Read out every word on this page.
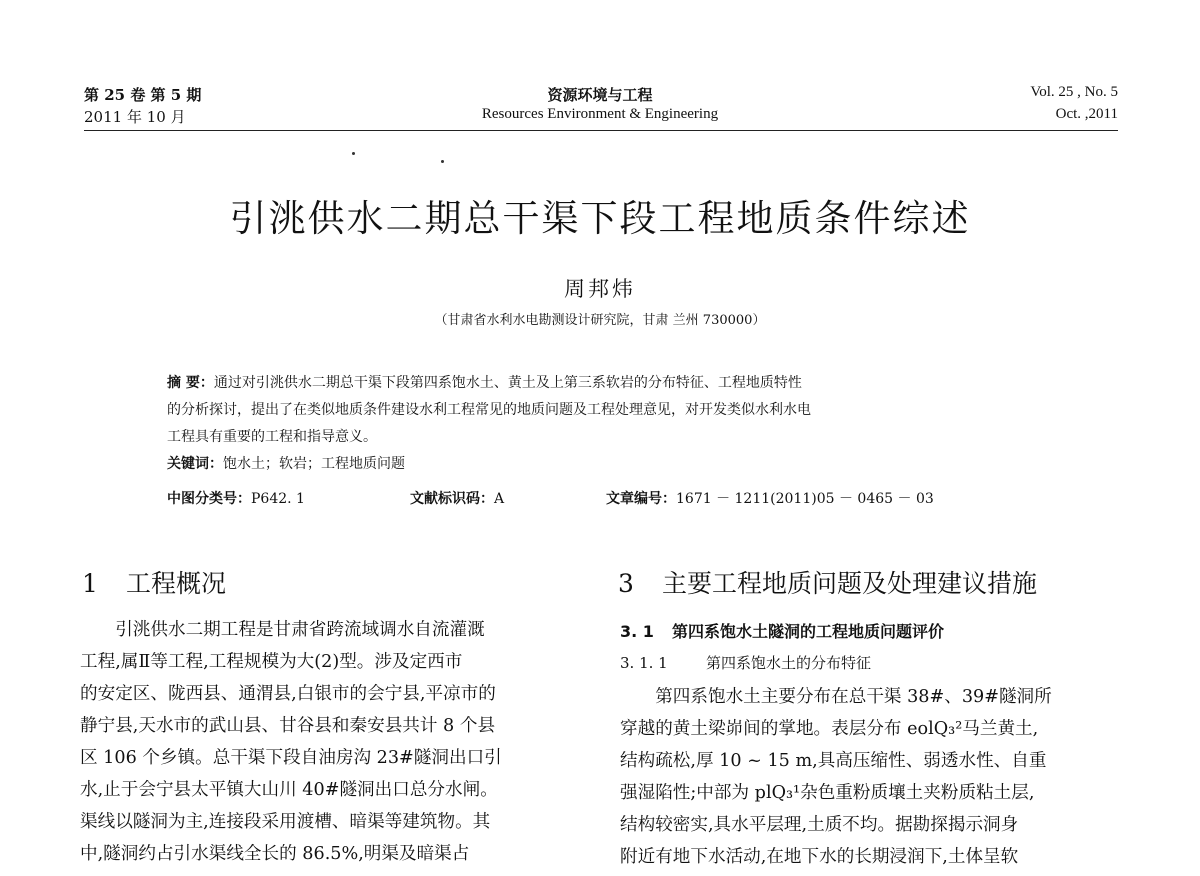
第 25 卷 第 5 期
2011 年 10 月
资源环境与工程
Resources Environment & Engineering
Vol. 25 , No. 5
Oct. ,2011
引洮供水二期总干渠下段工程地质条件综述
周邦炜
（甘肃省水利水电勘测设计研究院，甘肃 兰州 730000）

摘 要：通过对引洮供水二期总干渠下段第四系饱水土、黄土及上第三系软岩的分布特征、工程地质特性

的分析探讨，提出了在类似地质条件建设水利工程常见的地质问题及工程处理意见，对开发类似水利水电

工程具有重要的工程和指导意义。

关键词：饱水土；软岩；工程地质问题

中图分类号：P642. 1	文献标识码：A	文章编号：1671 － 1211(2011)05 － 0465 － 03
1 工程概况

引洮供水二期工程是甘肃省跨流域调水自流灌溉

工程,属Ⅱ等工程,工程规模为大(2)型。涉及定西市

的安定区、陇西县、通渭县,白银市的会宁县,平凉市的

静宁县,天水市的武山县、甘谷县和秦安县共计 8 个县

区 106 个乡镇。总干渠下段自油房沟 23#隧洞出口引

水,止于会宁县太平镇大山川 40#隧洞出口总分水闸。

渠线以隧洞为主,连接段采用渡槽、暗渠等建筑物。其

中,隧洞约占引水渠线全长的 86.5%,明渠及暗渠占

3 主要工程地质问题及处理建议措施
3. 1 第四系饱水土隧洞的工程地质问题评价
3. 1. 1	第四系饱水土的分布特征

第四系饱水土主要分布在总干渠 38#、39#隧洞所

穿越的黄土梁峁间的掌地。表层分布 eolQ₃²马兰黄土,

结构疏松,厚 10 ~ 15 m,具高压缩性、弱透水性、自重

强湿陷性;中部为 plQ₃¹杂色重粉质壤土夹粉质粘土层,

结构较密实,具水平层理,土质不均。据勘探揭示洞身

附近有地下水活动,在地下水的长期浸润下,土体呈软
